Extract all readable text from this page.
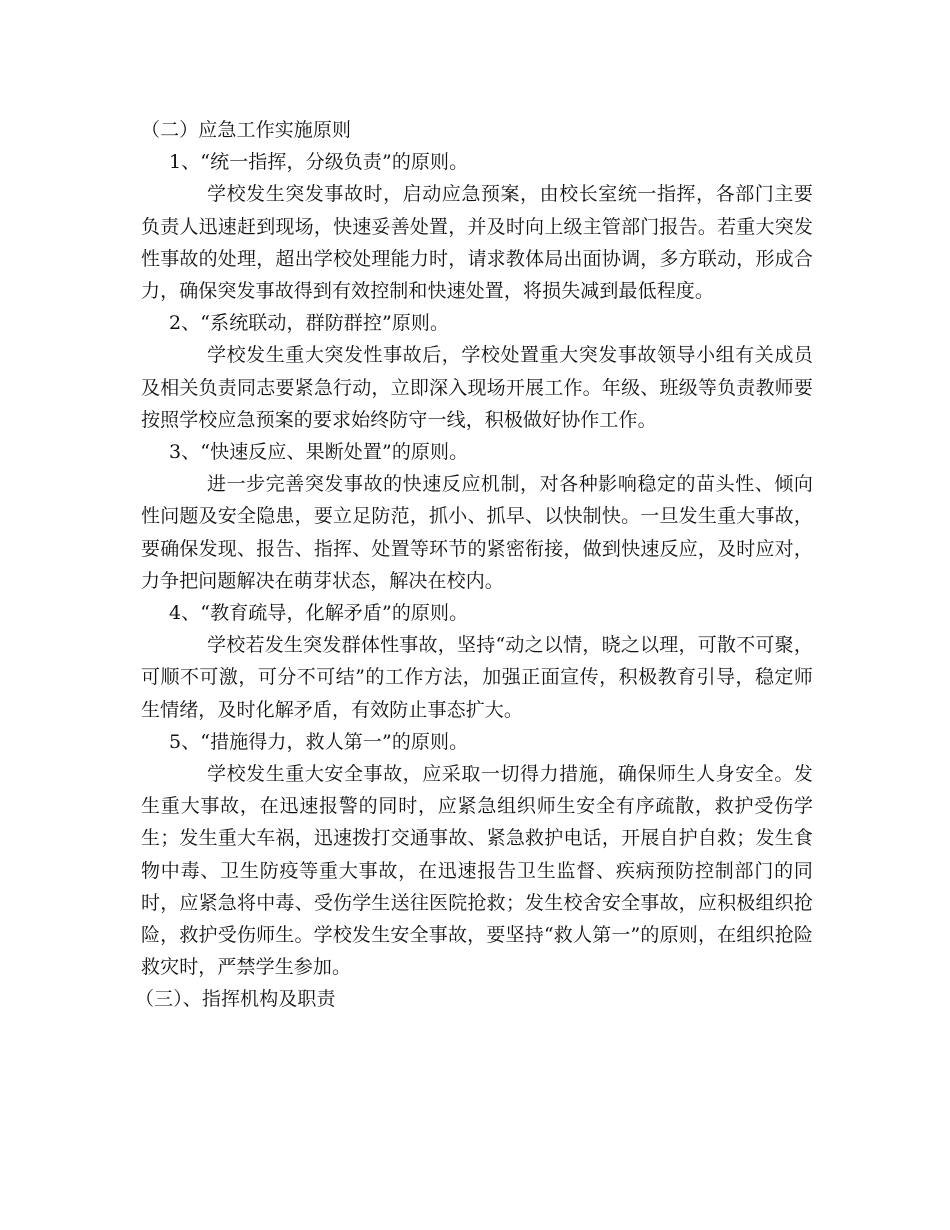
（二）应急工作实施原则
1、“统一指挥，分级负责”的原则。
学校发生突发事故时，启动应急预案，由校长室统一指挥，各部门主要负责人迅速赶到现场，快速妥善处置，并及时向上级主管部门报告。若重大突发性事故的处理，超出学校处理能力时，请求教体局出面协调，多方联动，形成合力，确保突发事故得到有效控制和快速处置，将损失减到最低程度。
2、“系统联动，群防群控”原则。
学校发生重大突发性事故后，学校处置重大突发事故领导小组有关成员及相关负责同志要紧急行动，立即深入现场开展工作。年级、班级等负责教师要按照学校应急预案的要求始终防守一线，积极做好协作工作。
3、“快速反应、果断处置”的原则。
进一步完善突发事故的快速反应机制，对各种影响稳定的苗头性、倾向性问题及安全隐患，要立足防范，抓小、抓早、以快制快。一旦发生重大事故，要确保发现、报告、指挥、处置等环节的紧密衔接，做到快速反应，及时应对，力争把问题解决在萌芽状态，解决在校内。
4、“教育疏导，化解矛盾”的原则。
学校若发生突发群体性事故，坚持“动之以情，晓之以理，可散不可聚，可顺不可激，可分不可结”的工作方法，加强正面宣传，积极教育引导，稳定师生情绪，及时化解矛盾，有效防止事态扩大。
5、“措施得力，救人第一”的原则。
学校发生重大安全事故，应采取一切得力措施，确保师生人身安全。发生重大事故，在迅速报警的同时，应紧急组织师生安全有序疏散，救护受伤学生；发生重大车祸，迅速拨打交通事故、紧急救护电话，开展自护自救；发生食物中毒、卫生防疫等重大事故，在迅速报告卫生监督、疾病预防控制部门的同时，应紧急将中毒、受伤学生送往医院抢救；发生校舍安全事故，应积极组织抢险，救护受伤师生。学校发生安全事故，要坚持“救人第一”的原则，在组织抢险救灾时，严禁学生参加。
（三）、指挥机构及职责
